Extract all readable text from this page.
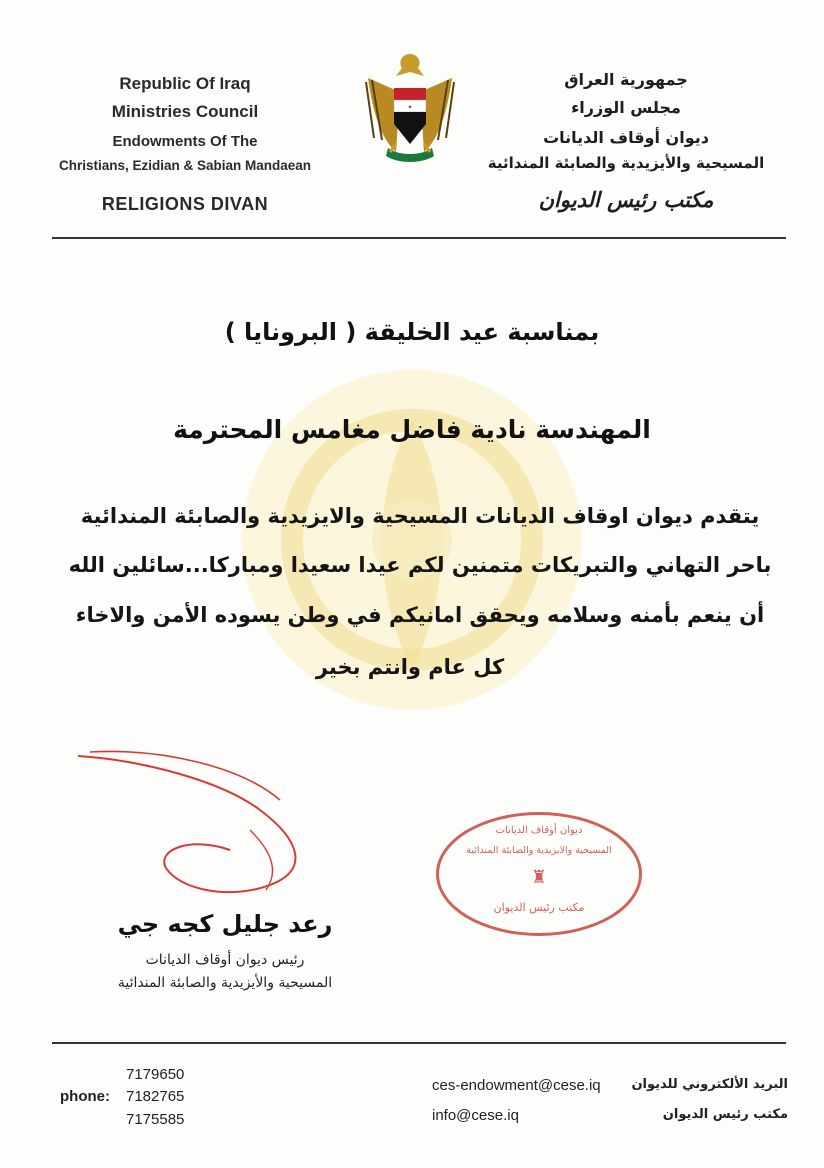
Republic Of Iraq
Ministries Council
Endowments Of The
Christians, Ezidian & Sabian Mandaean
RELIGIONS DIVAN
✦
جمهورية العراق
مجلس الوزراء
ديوان أوقاف الديانات
المسيحية والأيزيدية والصابئة المندائية
مكتب رئيس الديوان
بمناسبة عيد الخليقة ( البرونايا )
المهندسة نادية فاضل مغامس المحترمة
يتقدم ديوان اوقاف الديانات المسيحية والايزيدية والصابئة المندائية
باحر التهاني والتبريكات متمنين لكم عيدا سعيدا ومباركا...سائلين الله
أن ينعم بأمنه وسلامه ويحقق امانيكم في وطن يسوده الأمن والاخاء
كل عام وانتم بخير
رعد جليل كجه جي
رئيس ديوان أوقاف الديانات
المسيحية والأيزيدية والصابئة المندائية
ديوان أوقاف الديانات
المسيحية والايزيدية والصابئة المندائية
♜
مكتب رئيس الديوان
phone:
7179650
7182765
7175585
ces-endowment@cese.iq
info@cese.iq
البريد الألكتروني للديوان
مكتب رئيس الديوان
